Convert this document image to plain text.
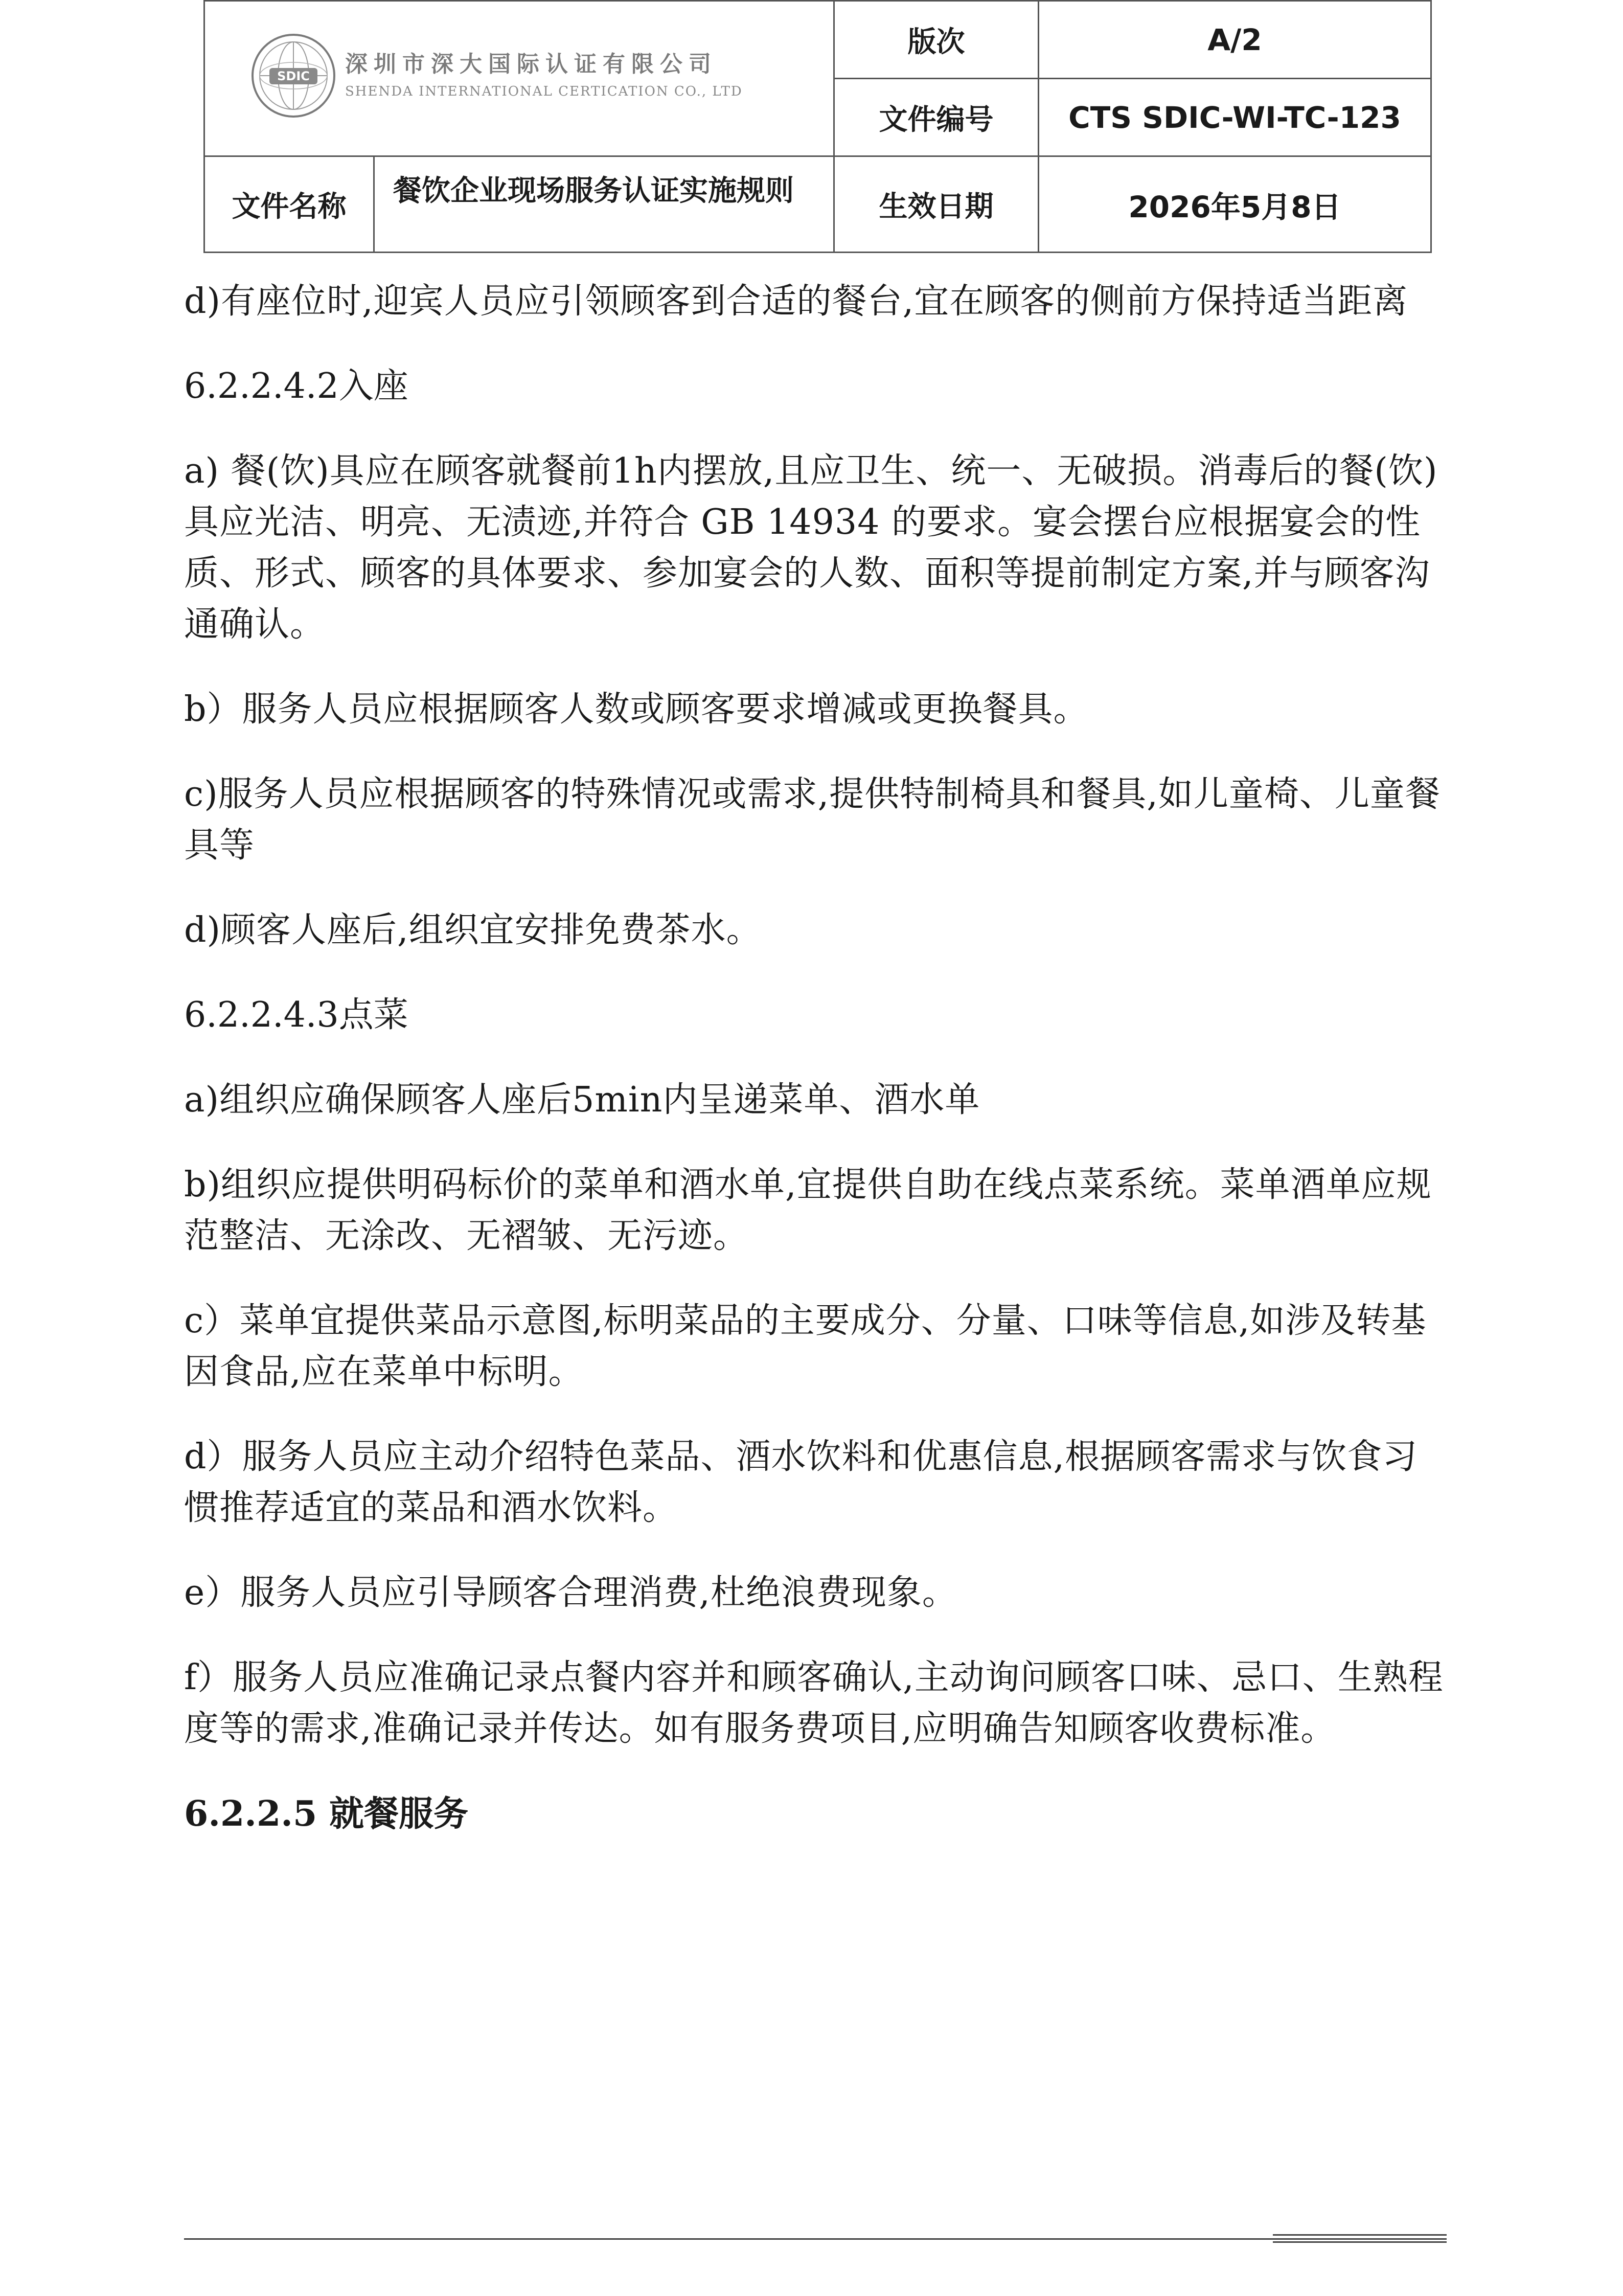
SDIC 深圳市深大国际认证有限公司
SHENDA INTERNATIONAL CERTICATION CO., LTD		版次	A/2
		文件编号	CTS SDIC-WI-TC-123
文件名称	餐饮企业现场服务认证实施规则	生效日期	2026年5月8日

d)有座位时,迎宾人员应引领顾客到合适的餐台,宜在顾客的侧前方保持适当距离

6.2.2.4.2入座

a) 餐(饮)具应在顾客就餐前1h内摆放,且应卫生、统一、无破损。消毒后的餐(饮)具应光洁、明亮、无渍迹,并符合 GB 14934 的要求。宴会摆台应根据宴会的性质、形式、顾客的具体要求、参加宴会的人数、面积等提前制定方案,并与顾客沟通确认。

b）服务人员应根据顾客人数或顾客要求增减或更换餐具。

c)服务人员应根据顾客的特殊情况或需求,提供特制椅具和餐具,如儿童椅、儿童餐具等

d)顾客人座后,组织宜安排免费茶水。

6.2.2.4.3点菜

a)组织应确保顾客人座后5min内呈递菜单、酒水单

b)组织应提供明码标价的菜单和酒水单,宜提供自助在线点菜系统。菜单酒单应规范整洁、无涂改、无褶皱、无污迹。

c）菜单宜提供菜品示意图,标明菜品的主要成分、分量、口味等信息,如涉及转基因食品,应在菜单中标明。

d）服务人员应主动介绍特色菜品、酒水饮料和优惠信息,根据顾客需求与饮食习惯推荐适宜的菜品和酒水饮料。

e）服务人员应引导顾客合理消费,杜绝浪费现象。

f）服务人员应准确记录点餐内容并和顾客确认,主动询问顾客口味、忌口、生熟程度等的需求,准确记录并传达。如有服务费项目,应明确告知顾客收费标准。

6.2.2.5 就餐服务
